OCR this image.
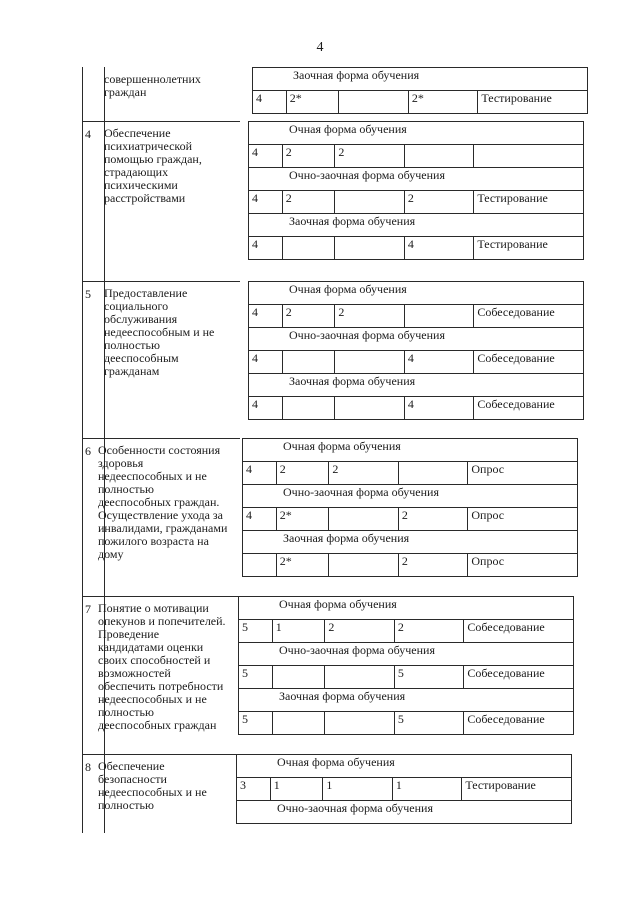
4
совершеннолетних
граждан
Заочная форма обучения
4	2*		2*	Тестирование
4 Обеспечение
психиатрической
помощью граждан,
страдающих
психическими
расстройствами
Очная форма обучения				
4	2	2		
Очно-заочная форма обучения				
4	2		2	Тестирование
Заочная форма обучения				
4			4	Тестирование
5 Предоставление
социального
обслуживания
недееспособным и не
полностью
дееспособным
гражданам
Очная форма обучения				
4	2	2		Собеседование
Очно-заочная форма обучения				
4			4	Собеседование
Заочная форма обучения				
4			4	Собеседование
6 Особенности состояния
здоровья
недееспособных и не
полностью
дееспособных граждан.
Осуществление ухода за
инвалидами, гражданами
пожилого возраста на
дому
Очная форма обучения				
4	2	2		Опрос
Очно-заочная форма обучения				
4	2*		2	Опрос
Заочная форма обучения				
	2*		2	Опрос
7 Понятие о мотивации
опекунов и попечителей.
Проведение
кандидатами оценки
своих способностей и
возможностей
обеспечить потребности
недееспособных и не
полностью
дееспособных граждан
Очная форма обучения				
5	1	2	2	Собеседование
Очно-заочная форма обучения				
5			5	Собеседование
Заочная форма обучения				
5			5	Собеседование
8 Обеспечение
безопасности
недееспособных и не
полностью
Очная форма обучения
3	1	1	1	Тестирование
Очно-заочная форма обучения
